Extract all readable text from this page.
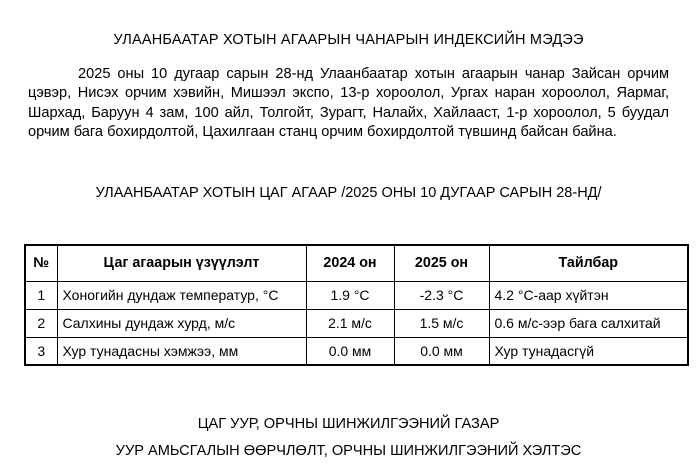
УЛААНБААТАР ХОТЫН АГААРЫН ЧАНАРЫН ИНДЕКСИЙН МЭДЭЭ

2025 оны 10 дугаар сарын 28-нд Улаанбаатар хотын агаарын чанар Зайсан орчим цэвэр, Нисэх орчим хэвийн, Мишээл экспо, 13-р хороолол, Ургах наран хороолол, Яармаг, Шархад, Баруун 4 зам, 100 айл, Толгойт, Зурагт, Налайх, Хайлааст, 1-р хороолол, 5 буудал орчим бага бохирдолтой, Цахилгаан станц орчим бохирдолтой түвшинд байсан байна.

УЛААНБААТАР ХОТЫН ЦАГ АГААР /2025 ОНЫ 10 ДУГААР САРЫН 28-НД/
№	Цаг агаарын үзүүлэлт	2024 он	2025 он	Тайлбар
1	Хоногийн дундаж температур, °C	1.9 °C	-2.3 °C	4.2 °C-аар хүйтэн
2	Салхины дундаж хурд, м/с	2.1 м/с	1.5 м/с	0.6 м/с-ээр бага салхитай
3	Хур тунадасны хэмжээ, мм	0.0 мм	0.0 мм	Хур тунадасгүй
ЦАГ УУР, ОРЧНЫ ШИНЖИЛГЭЭНИЙ ГАЗАР
УУР АМЬСГАЛЫН ӨӨРЧЛӨЛТ, ОРЧНЫ ШИНЖИЛГЭЭНИЙ ХЭЛТЭС
